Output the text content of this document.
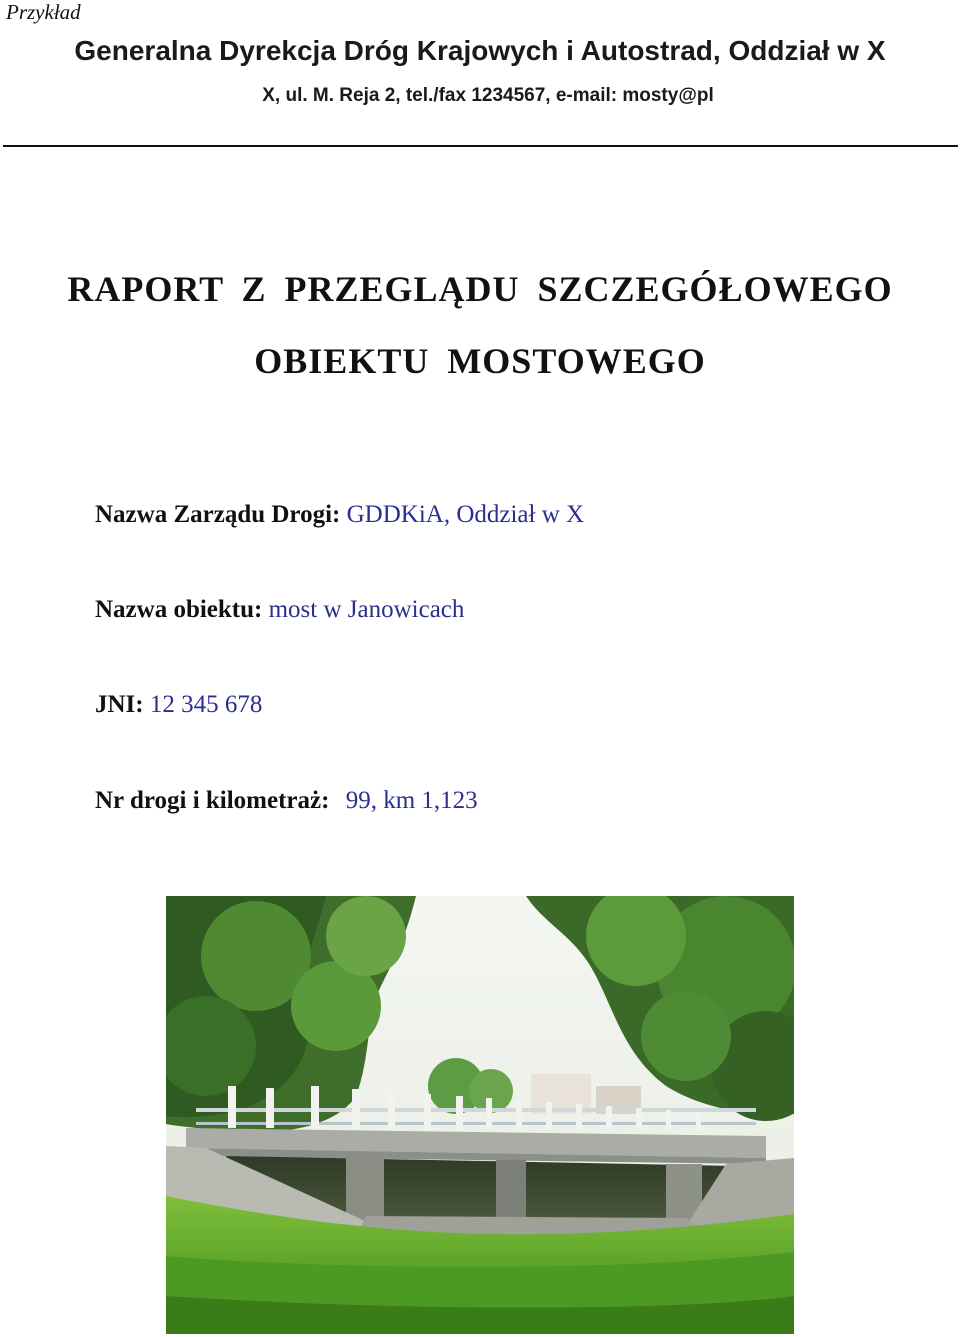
Przykład
Generalna Dyrekcja Dróg Krajowych i Autostrad, Oddział w X
X, ul. M. Reja 2, tel./fax 1234567, e-mail: mosty@pl
RAPORT Z PRZEGLĄDU SZCZEGÓŁOWEGO
OBIEKTU MOSTOWEGO
Nazwa Zarządu Drogi: GDDKiA, Oddział w X
Nazwa obiektu: most w Janowicach
JNI: 12 345 678
Nr drogi i kilometraż: 99, km 1,123
